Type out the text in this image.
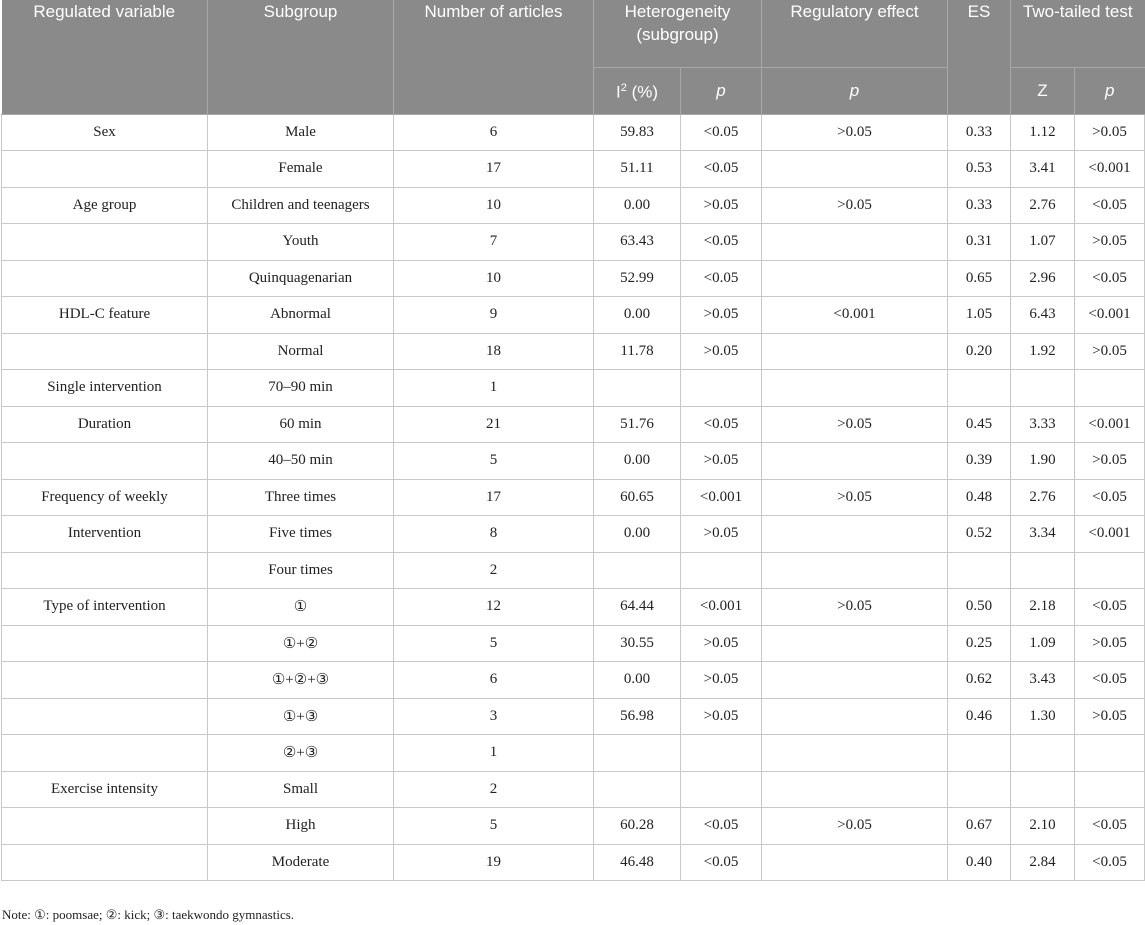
Regulated variable	Subgroup	Number of articles	Heterogeneity (subgroup)		Regulatory effect	ES	Two-tailed test	
			$I^2$ (%)	p	p		Z	p
Sex	Male	6	59.83	<0.05	>0.05	0.33	1.12	>0.05
	Female	17	51.11	<0.05		0.53	3.41	<0.001
Age group	Children and teenagers	10	0.00	>0.05	>0.05	0.33	2.76	<0.05
	Youth	7	63.43	<0.05		0.31	1.07	>0.05
	Quinquagenarian	10	52.99	<0.05		0.65	2.96	<0.05
HDL-C feature	Abnormal	9	0.00	>0.05	<0.001	1.05	6.43	<0.001
	Normal	18	11.78	>0.05		0.20	1.92	>0.05
Single intervention	70–90 min	1						
Duration	60 min	21	51.76	<0.05	>0.05	0.45	3.33	<0.001
	40–50 min	5	0.00	>0.05		0.39	1.90	>0.05
Frequency of weekly	Three times	17	60.65	<0.001	>0.05	0.48	2.76	<0.05
Intervention	Five times	8	0.00	>0.05		0.52	3.34	<0.001
	Four times	2						
Type of intervention	①	12	64.44	<0.001	>0.05	0.50	2.18	<0.05
	①+②	5	30.55	>0.05		0.25	1.09	>0.05
	①+②+③	6	0.00	>0.05		0.62	3.43	<0.05
	①+③	3	56.98	>0.05		0.46	1.30	>0.05
	②+③	1						
Exercise intensity	Small	2						
	High	5	60.28	<0.05	>0.05	0.67	2.10	<0.05
	Moderate	19	46.48	<0.05		0.40	2.84	<0.05
Note: ①: poomsae; ②: kick; ③: taekwondo gymnastics.
